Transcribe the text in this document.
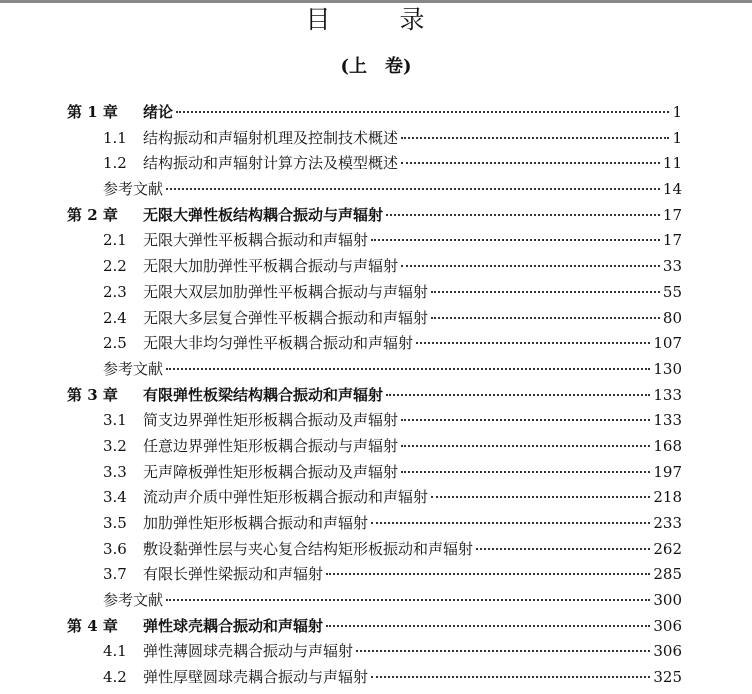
目　录
(上　卷)
第 1 章	绪论	1
1.1	结构振动和声辐射机理及控制技术概述	1
1.2	结构振动和声辐射计算方法及模型概述	11
参考文献	14
第 2 章	无限大弹性板结构耦合振动与声辐射	17
2.1	无限大弹性平板耦合振动和声辐射	17
2.2	无限大加肋弹性平板耦合振动与声辐射	33
2.3	无限大双层加肋弹性平板耦合振动与声辐射	55
2.4	无限大多层复合弹性平板耦合振动和声辐射	80
2.5	无限大非均匀弹性平板耦合振动和声辐射	107
参考文献	130
第 3 章	有限弹性板梁结构耦合振动和声辐射	133
3.1	简支边界弹性矩形板耦合振动及声辐射	133
3.2	任意边界弹性矩形板耦合振动与声辐射	168
3.3	无声障板弹性矩形板耦合振动及声辐射	197
3.4	流动声介质中弹性矩形板耦合振动和声辐射	218
3.5	加肋弹性矩形板耦合振动和声辐射	233
3.6	敷设黏弹性层与夹心复合结构矩形板振动和声辐射	262
3.7	有限长弹性梁振动和声辐射	285
参考文献	300
第 4 章	弹性球壳耦合振动和声辐射	306
4.1	弹性薄圆球壳耦合振动与声辐射	306
4.2	弹性厚壁圆球壳耦合振动与声辐射	325
